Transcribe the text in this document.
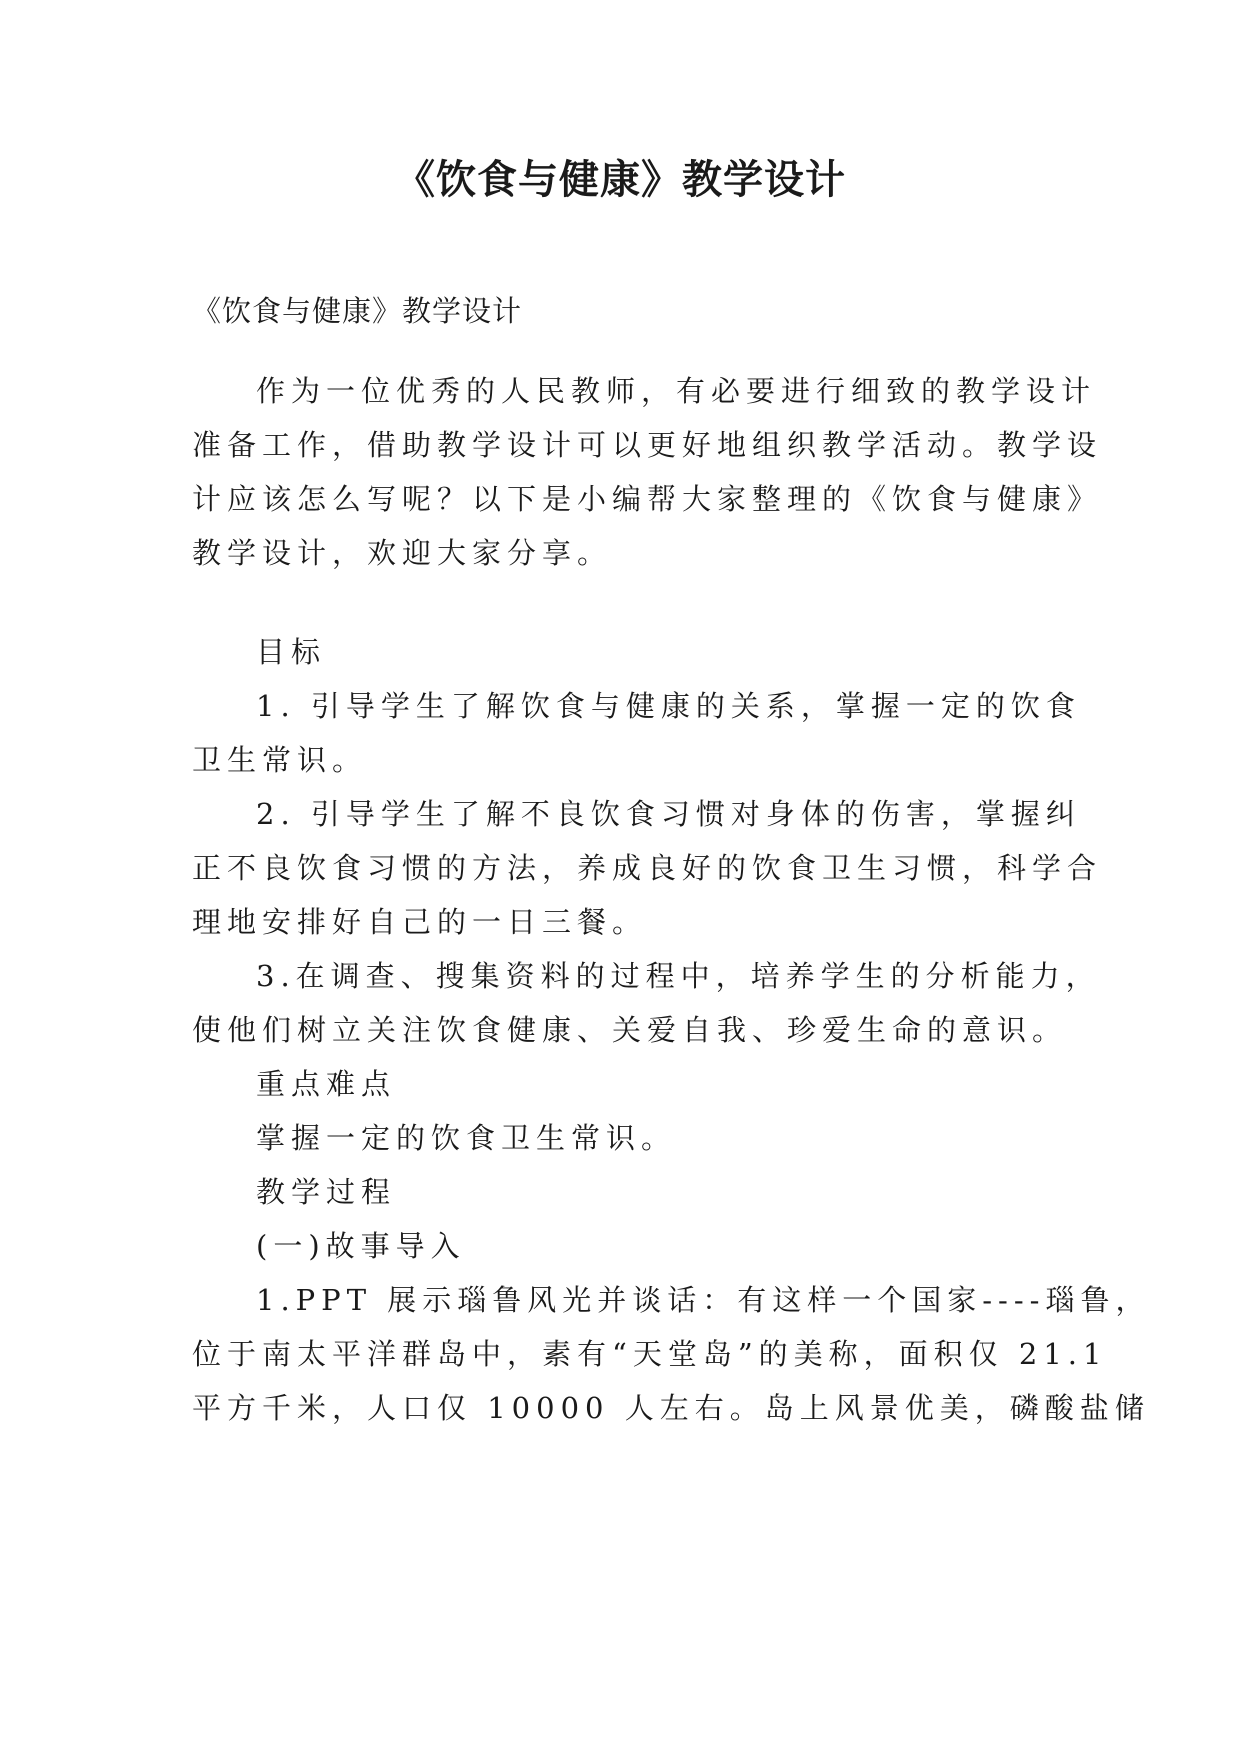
《饮食与健康》教学设计
《饮食与健康》教学设计
作为一位优秀的人民教师，有必要进行细致的教学设计
准备工作，借助教学设计可以更好地组织教学活动。教学设
计应该怎么写呢？以下是小编帮大家整理的《饮食与健康》
教学设计，欢迎大家分享。
目标
1. 引导学生了解饮食与健康的关系，掌握一定的饮食
卫生常识。
2. 引导学生了解不良饮食习惯对身体的伤害，掌握纠
正不良饮食习惯的方法，养成良好的饮食卫生习惯，科学合
理地安排好自己的一日三餐。
3.在调查、搜集资料的过程中，培养学生的分析能力，
使他们树立关注饮食健康、关爱自我、珍爱生命的意识。
重点难点
掌握一定的饮食卫生常识。
教学过程
(一)故事导入
1.PPT 展示瑙鲁风光并谈话：有这样一个国家----瑙鲁，
位于南太平洋群岛中，素有“天堂岛”的美称，面积仅 21.1
平方千米，人口仅 10000 人左右。岛上风景优美，磷酸盐储
